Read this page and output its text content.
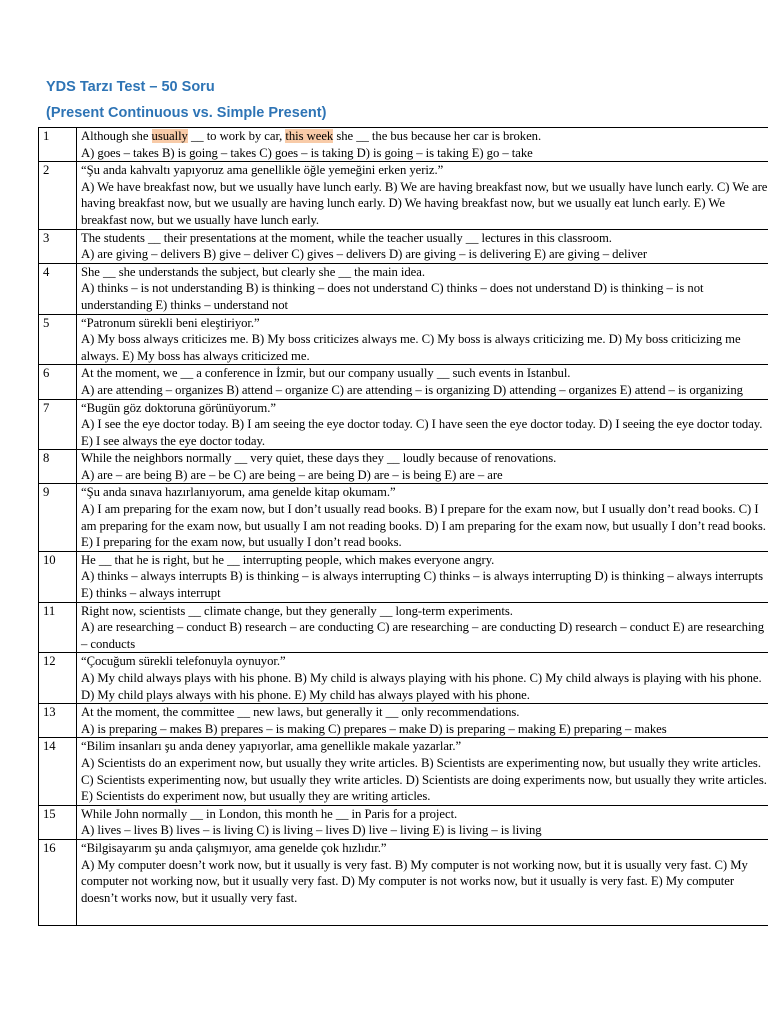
YDS Tarzı Test – 50 Soru
(Present Continuous vs. Simple Present)
1	Although she usually __ to work by car, this week she __ the bus because her car is broken.
A) goes – takes B) is going – takes C) goes – is taking D) is going – is taking E) go – take

2	“Şu anda kahvaltı yapıyoruz ama genellikle öğle yemeğini erken yeriz.”
A) We have breakfast now, but we usually have lunch early. B) We are having breakfast now, but we usually have lunch early. C) We are having breakfast now, but we usually are having lunch early. D) We having breakfast now, but we usually eat lunch early. E) We breakfast now, but we usually have lunch early.

3	The students __ their presentations at the moment, while the teacher usually __ lectures in this classroom.
A) are giving – delivers B) give – deliver C) gives – delivers D) are giving – is delivering E) are giving – deliver

4	She __ she understands the subject, but clearly she __ the main idea.
A) thinks – is not understanding B) is thinking – does not understand C) thinks – does not understand D) is thinking – is not understanding E) thinks – understand not

5	“Patronum sürekli beni eleştiriyor.”
A) My boss always criticizes me. B) My boss criticizes always me. C) My boss is always criticizing me. D) My boss criticizing me always. E) My boss has always criticized me.

6	At the moment, we __ a conference in İzmir, but our company usually __ such events in Istanbul.
A) are attending – organizes B) attend – organize C) are attending – is organizing D) attending – organizes E) attend – is organizing

7	“Bugün göz doktoruna görünüyorum.”
A) I see the eye doctor today. B) I am seeing the eye doctor today. C) I have seen the eye doctor today. D) I seeing the eye doctor today. E) I see always the eye doctor today.

8	While the neighbors normally __ very quiet, these days they __ loudly because of renovations.
A) are – are being B) are – be C) are being – are being D) are – is being E) are – are

9	“Şu anda sınava hazırlanıyorum, ama genelde kitap okumam.”
A) I am preparing for the exam now, but I don’t usually read books. B) I prepare for the exam now, but I usually don’t read books. C) I am preparing for the exam now, but usually I am not reading books. D) I am preparing for the exam now, but usually I don’t read books. E) I preparing for the exam now, but usually I don’t read books.

10	He __ that he is right, but he __ interrupting people, which makes everyone angry.
A) thinks – always interrupts B) is thinking – is always interrupting C) thinks – is always interrupting D) is thinking – always interrupts E) thinks – always interrupt

11	Right now, scientists __ climate change, but they generally __ long-term experiments.
A) are researching – conduct B) research – are conducting C) are researching – are conducting D) research – conduct E) are researching – conducts

12	“Çocuğum sürekli telefonuyla oynuyor.”
A) My child always plays with his phone. B) My child is always playing with his phone. C) My child always is playing with his phone. D) My child plays always with his phone. E) My child has always played with his phone.

13	At the moment, the committee __ new laws, but generally it __ only recommendations.
A) is preparing – makes B) prepares – is making C) prepares – make D) is preparing – making E) preparing – makes

14	“Bilim insanları şu anda deney yapıyorlar, ama genellikle makale yazarlar.”
A) Scientists do an experiment now, but usually they write articles. B) Scientists are experimenting now, but usually they write articles. C) Scientists experimenting now, but usually they write articles. D) Scientists are doing experiments now, but usually they write articles. E) Scientists do experiment now, but usually they are writing articles.

15	While John normally __ in London, this month he __ in Paris for a project.
A) lives – lives B) lives – is living C) is living – lives D) live – living E) is living – is living

16	“Bilgisayarım şu anda çalışmıyor, ama genelde çok hızlıdır.”
A) My computer doesn’t work now, but it usually is very fast. B) My computer is not working now, but it is usually very fast. C) My computer not working now, but it usually very fast. D) My computer is not works now, but it usually is very fast. E) My computer doesn’t works now, but it usually very fast.
